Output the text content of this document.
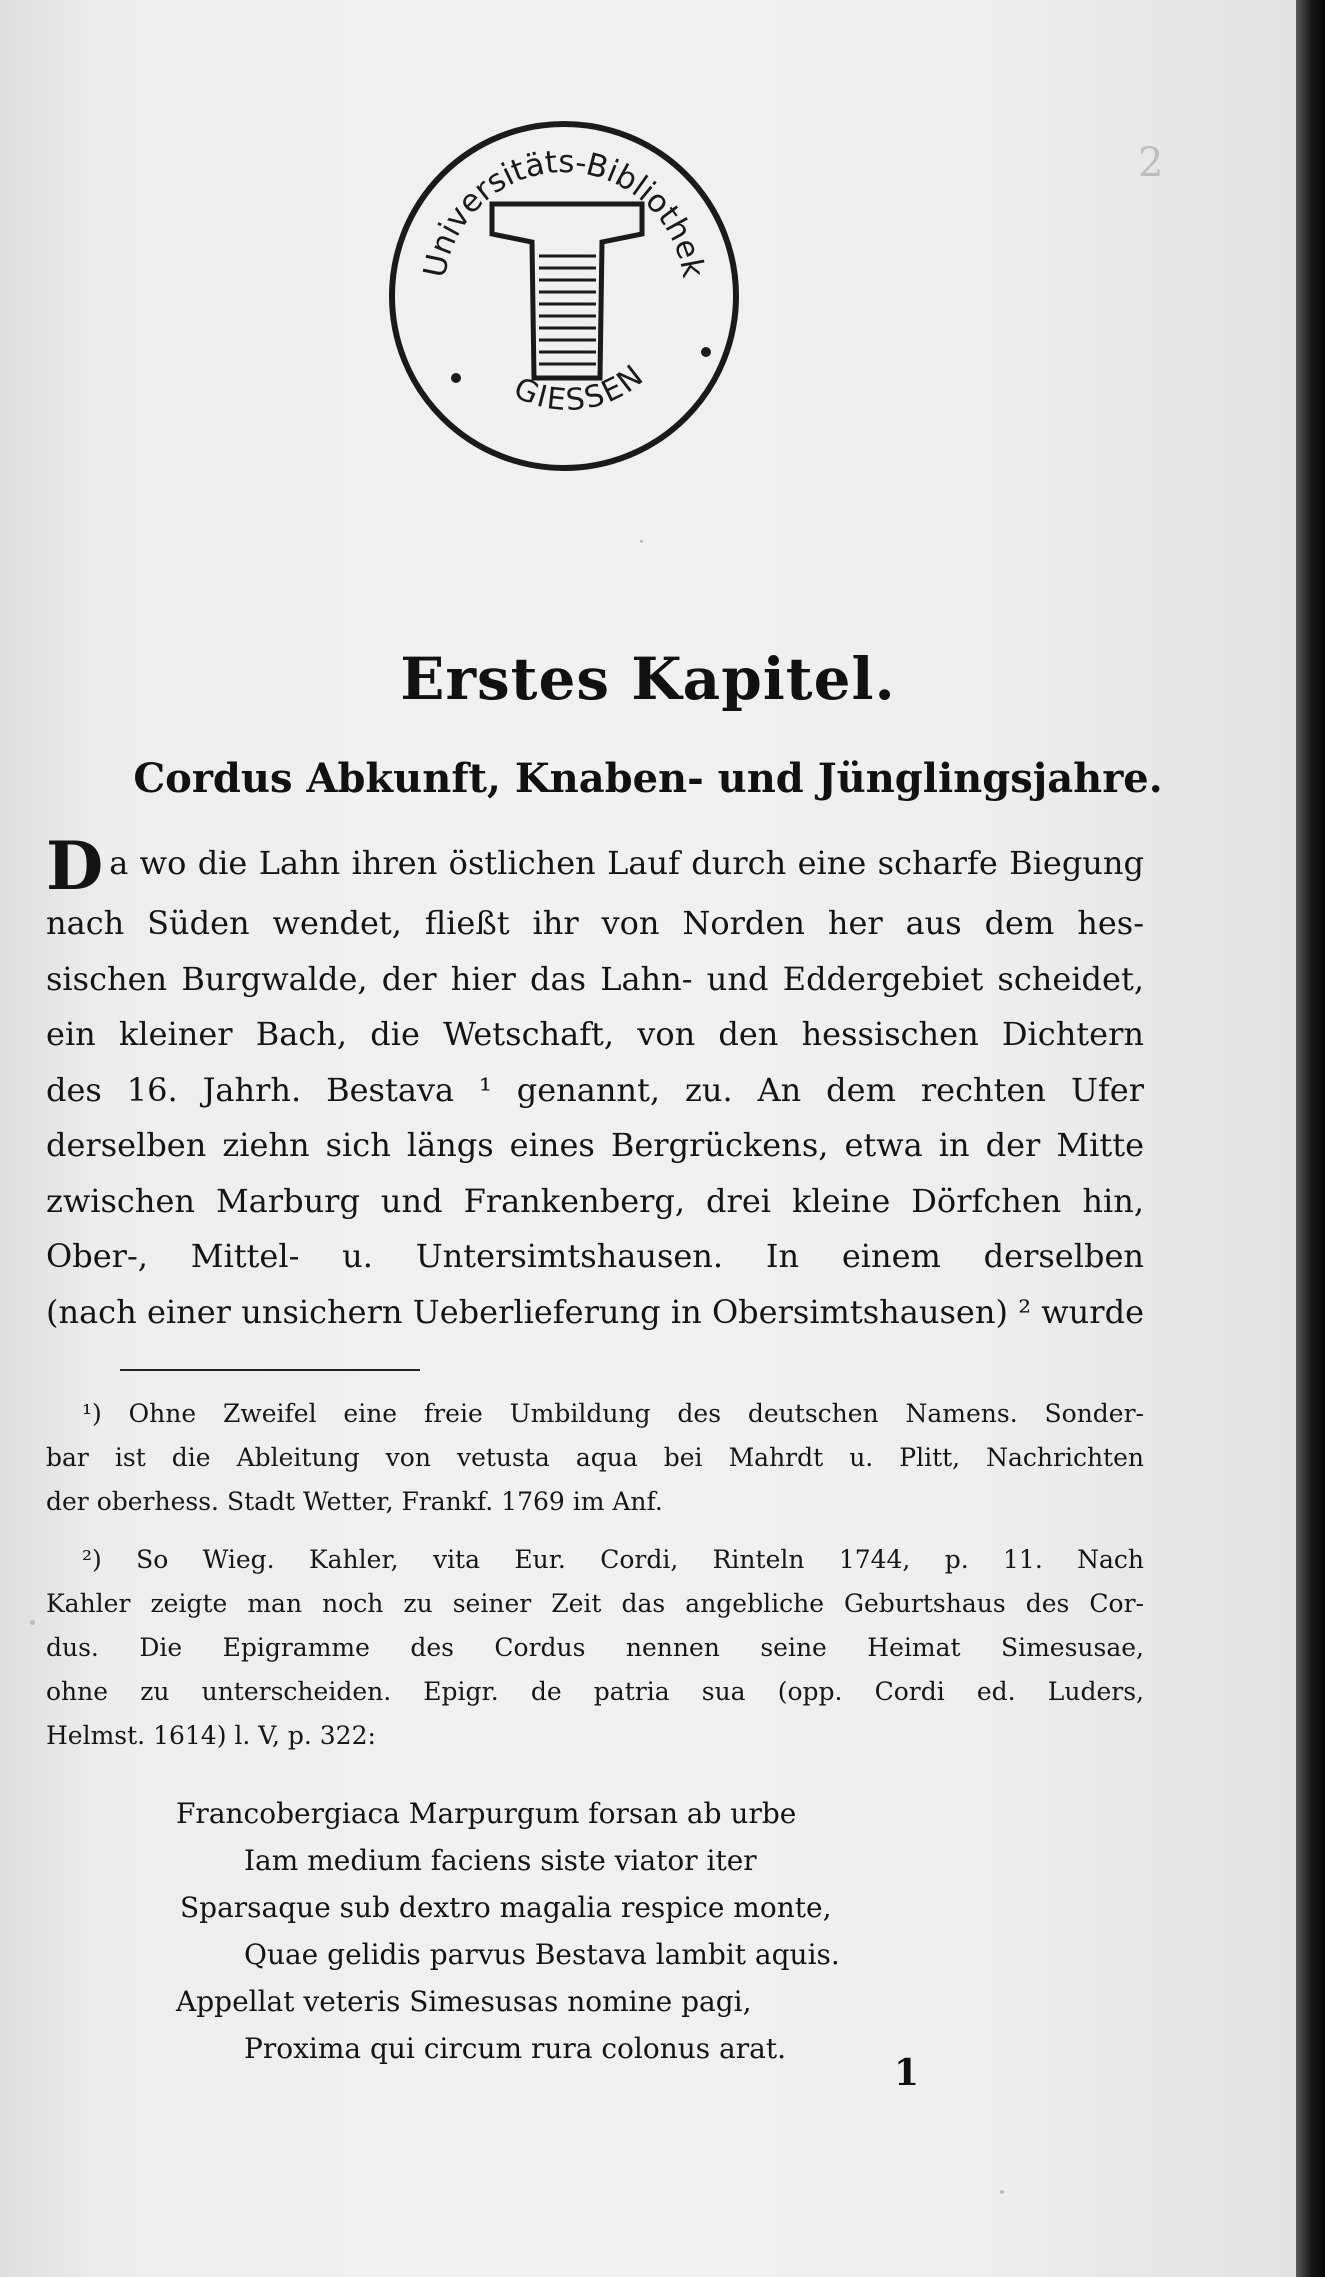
2
Universitäts-Bibliothek
GIESSEN
Erstes Kapitel.
Cordus Abkunft, Knaben- und Jünglingsjahre.
Da wo die Lahn ihren östlichen Lauf durch eine scharfe Biegung
nach Süden wendet, fließt ihr von Norden her aus dem hes-
sischen Burgwalde, der hier das Lahn- und Eddergebiet scheidet,
ein kleiner Bach, die Wetschaft, von den hessischen Dichtern
des 16. Jahrh. Bestava ¹ genannt, zu. An dem rechten Ufer
derselben ziehn sich längs eines Bergrückens, etwa in der Mitte
zwischen Marburg und Frankenberg, drei kleine Dörfchen hin,
Ober-, Mittel- u. Untersimtshausen. In einem derselben
(nach einer unsichern Ueberlieferung in Obersimtshausen) ² wurde
¹) Ohne Zweifel eine freie Umbildung des deutschen Namens. Sonder-
bar ist die Ableitung von vetusta aqua bei Mahrdt u. Plitt, Nachrichten
der oberhess. Stadt Wetter, Frankf. 1769 im Anf.
²) So Wieg. Kahler, vita Eur. Cordi, Rinteln 1744, p. 11. Nach
Kahler zeigte man noch zu seiner Zeit das angebliche Geburtshaus des Cor-
dus. Die Epigramme des Cordus nennen seine Heimat Simesusae,
ohne zu unterscheiden. Epigr. de patria sua (opp. Cordi ed. Luders,
Helmst. 1614) l. V, p. 322:
Francobergiaca Marpurgum forsan ab urbe
Iam medium faciens siste viator iter
Sparsaque sub dextro magalia respice monte,
Quae gelidis parvus Bestava lambit aquis.
Appellat veteris Simesusas nomine pagi,
Proxima qui circum rura colonus arat.
1
